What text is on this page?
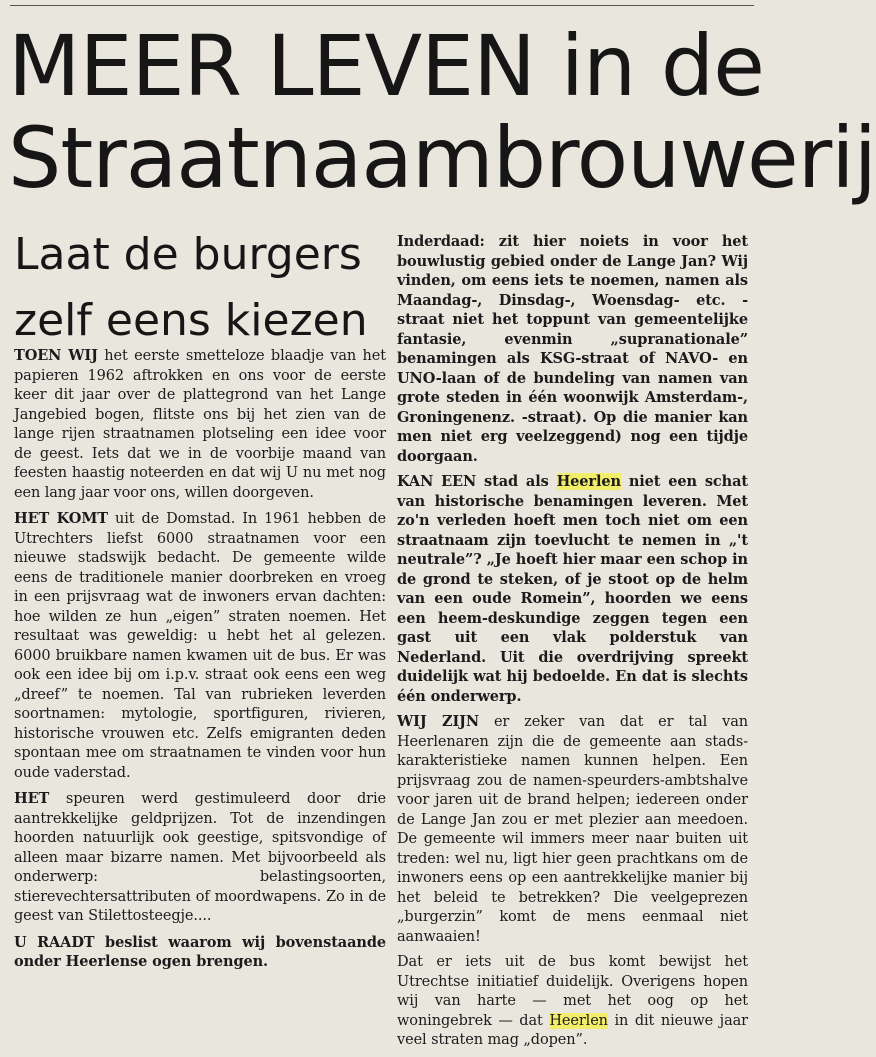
MEER LEVEN in de
Straatnaambrouwerij
Laat de burgers
zelf eens kiezen

TOEN WIJ het eerste smetteloze blaadje van het papieren 1962 aftrokken en ons voor de eerste keer dit jaar over de plattegrond van het Lange Jangebied bogen, flitste ons bij het zien van de lange rijen straatnamen plotseling een idee voor de geest. Iets dat we in de voorbije maand van feesten haastig noteerden en dat wij U nu met nog een lang jaar voor ons, willen doorgeven.

HET KOMT uit de Domstad. In 1961 hebben de Utrechters liefst 6000 straatnamen voor een nieuwe stadswijk bedacht. De gemeente wilde eens de traditionele manier doorbreken en vroeg in een prijsvraag wat de inwoners ervan dachten: hoe wilden ze hun „eigen” straten noemen. Het resultaat was geweldig: u hebt het al gelezen. 6000 bruikbare namen kwamen uit de bus. Er was ook een idee bij om i.p.v. straat ook eens een weg „dreef” te noemen. Tal van rubrieken leverden soortnamen: mytologie, sportfiguren, rivieren, historische vrouwen etc. Zelfs emigranten deden spontaan mee om straatnamen te vinden voor hun oude vaderstad.

HET speuren werd gestimuleerd door drie aantrekkelijke geldprijzen. Tot de inzendingen hoorden natuurlijk ook geestige, spitsvondige of alleen maar bizarre namen. Met bijvoorbeeld als onderwerp: belastingsoorten, stierevechtersattributen of moordwapens. Zo in de geest van Stilettosteegje....

U RAADT beslist waarom wij bovenstaande onder Heerlense ogen brengen.

Inderdaad: zit hier noiets in voor het bouwlustig gebied onder de Lange Jan? Wij vinden, om eens iets te noemen, namen als Maandag-, Dinsdag-, Woensdag- etc. -straat niet het toppunt van gemeentelijke fantasie, evenmin „supranationale” benamingen als KSG-straat of NAVO- en UNO-laan of de bundeling van namen van grote steden in één woonwijk Amsterdam-, Groningenenz. -straat). Op die manier kan men niet erg veelzeggend) nog een tijdje doorgaan.

KAN EEN stad als Heerlen niet een schat van historische benamingen leveren. Met zo'n verleden hoeft men toch niet om een straatnaam zijn toevlucht te nemen in „'t neutrale”? „Je hoeft hier maar een schop in de grond te steken, of je stoot op de helm van een oude Romein”, hoorden we eens een heem-deskundige zeggen tegen een gast uit een vlak polderstuk van Nederland. Uit die overdrijving spreekt duidelijk wat hij bedoelde. En dat is slechts één onderwerp.

WIJ ZIJN er zeker van dat er tal van Heerlenaren zijn die de gemeente aan stads-karakteristieke namen kunnen helpen. Een prijsvraag zou de namen-speurders-ambtshalve voor jaren uit de brand helpen; iedereen onder de Lange Jan zou er met plezier aan meedoen. De gemeente wil immers meer naar buiten uit treden: wel nu, ligt hier geen prachtkans om de inwoners eens op een aantrekkelijke manier bij het beleid te betrekken? Die veelgeprezen „burgerzin” komt de mens eenmaal niet aanwaaien!

Dat er iets uit de bus komt bewijst het Utrechtse initiatief duidelijk. Overigens hopen wij van harte — met het oog op het woningebrek — dat Heerlen in dit nieuwe jaar veel straten mag „dopen”.
